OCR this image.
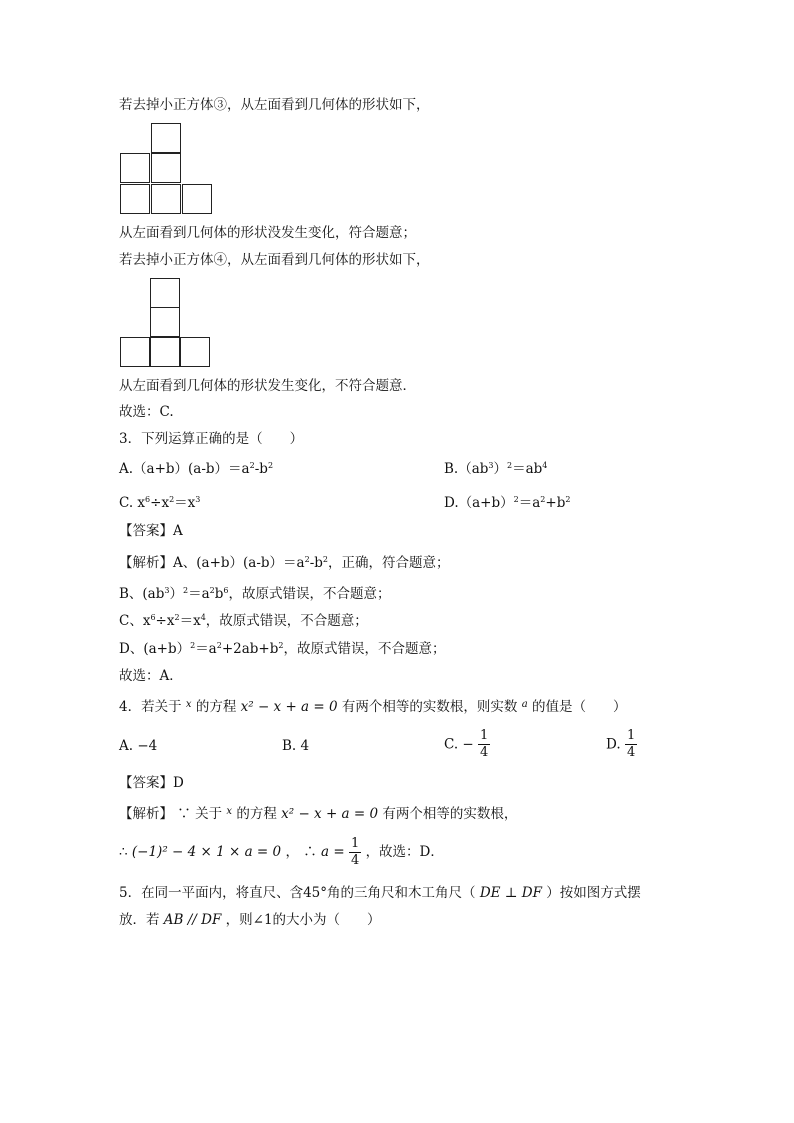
若去掉小正方体③，从左面看到几何体的形状如下，
从左面看到几何体的形状没发生变化，符合题意；
若去掉小正方体④，从左面看到几何体的形状如下，
从左面看到几何体的形状发生变化，不符合题意．
故选：C.
3．下列运算正确的是（　　）
$A.(a+b)(a-b)=a^2-b^2$	$B.(ab^3)^2=ab^4$
C. $x^6\div x^2=x^3$	$D.(a+b)^2=a^2+b^2$
【答案】A
【解析】A、$(a+b)(a-b)=a^2-b^2$，正确，符合题意；
B、$(ab^3)^2=a^2b^6$，故原式错误，不合题意；
C、$x^6\div x^2=x^4$，故原式错误，不合题意；
D、$(a+b)^2=a^2+2ab+b^2$，故原式错误，不合题意；
故选：A．
4．若关于 $^x$ 的方程 x² − x + a = 0 有两个相等的实数根，则实数 $^a$ 的值是（　　）
A. −4	B. 4	C. − $\frac{1}{4}$	D. $\frac{1}{4}$
【答案】D
【解析】 ∵ 关于 $^x$ 的方程 x² − x + a = 0 有两个相等的实数根，
∴ (−1)² − 4 × 1 × a = 0 ， ∴ $a = \frac{1}{4}$ ，故选：D．
5．在同一平面内，将直尺、含45°角的三角尺和木工角尺（ DE ⊥ DF ）按如图方式摆
放．若 AB // DF ，则∠1的大小为（　　）
